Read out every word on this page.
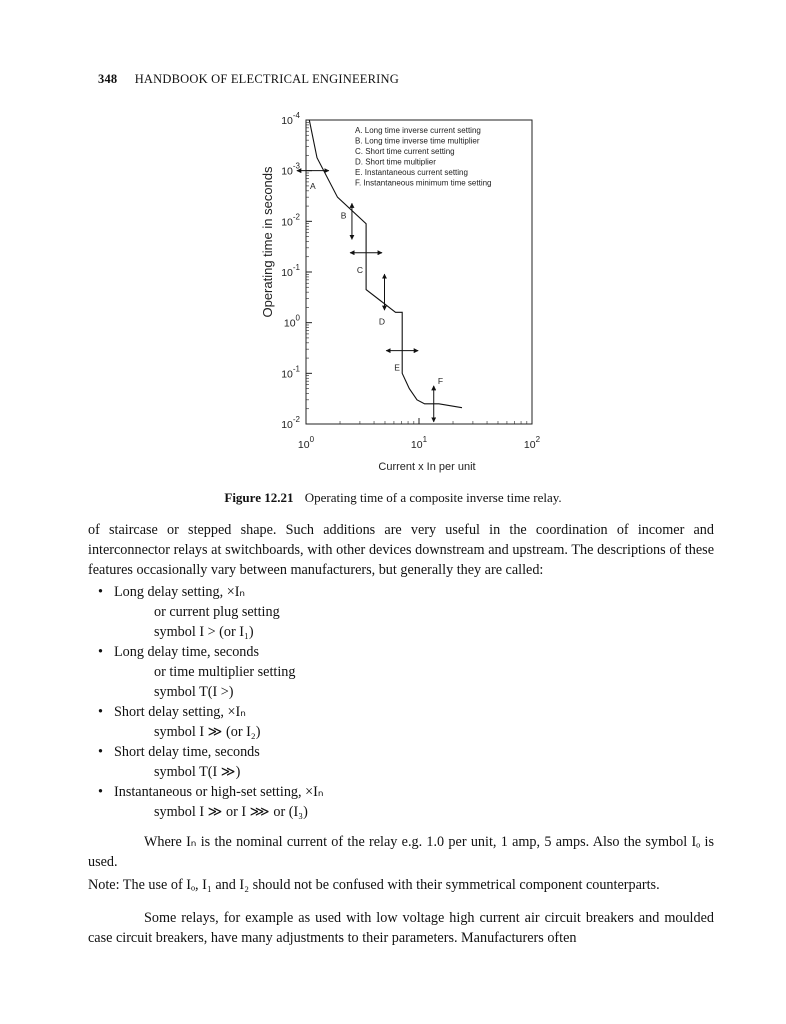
348 HANDBOOK OF ELECTRICAL ENGINEERING
$10^{-4}$
$10^{-3}$
$10^{-2}$
$10^{-1}$
$10^0$
$10^{-1}$
$10^{-2}$
$10^0$	$10^1$	$10^2$
Current x In per unit
Operating time in seconds
A. Long time inverse current setting
B. Long time inverse time multiplier
C. Short time current setting
D. Short time multiplier
E. Instantaneous current setting
F. Instantaneous minimum time setting
A
B
C
D
E
F
Figure 12.21 Operating time of a composite inverse time relay.
of staircase or stepped shape. Such additions are very useful in the coordination of incomer and interconnector relays at switchboards, with other devices downstream and upstream. The descriptions of these features occasionally vary between manufacturers, but generally they are called:
• Long delay setting, ×Iₙ
or current plug setting
symbol I > (or I₁)
• Long delay time, seconds
or time multiplier setting
symbol T(I >)
• Short delay setting, ×Iₙ
symbol I ≫ (or I₂)
• Short delay time, seconds
symbol T(I ≫)
• Instantaneous or high-set setting, ×Iₙ
symbol I ≫ or I ⋙ or (I₃)
Where Iₙ is the nominal current of the relay e.g. 1.0 per unit, 1 amp, 5 amps. Also the symbol Iₒ is used.
Note: The use of Iₒ, I₁ and I₂ should not be confused with their symmetrical component counterparts.
Some relays, for example as used with low voltage high current air circuit breakers and moulded case circuit breakers, have many adjustments to their parameters. Manufacturers often
